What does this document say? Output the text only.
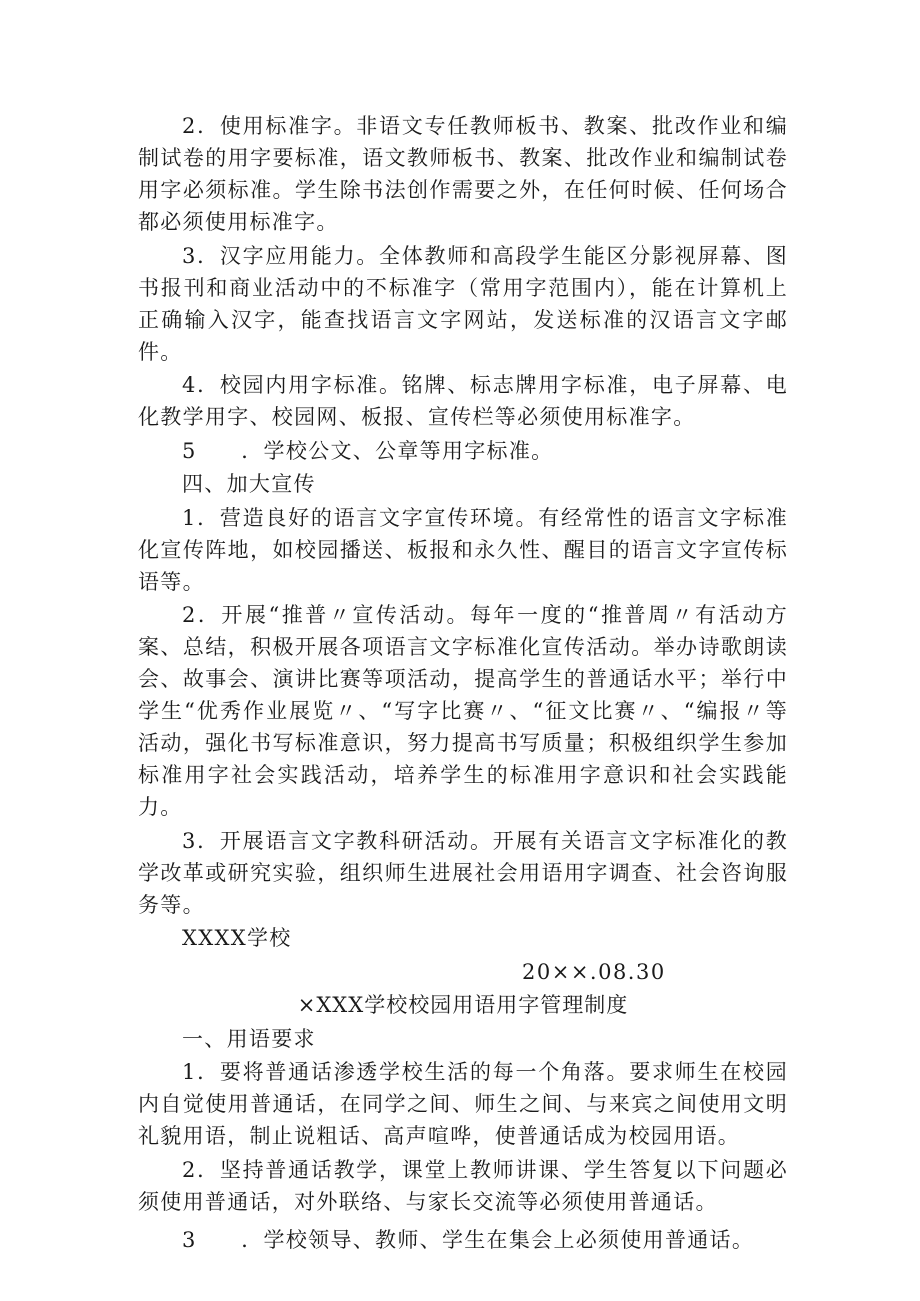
2．使用标准字。非语文专任教师板书、教案、批改作业和编制试卷的用字要标准，语文教师板书、教案、批改作业和编制试卷用字必须标准。学生除书法创作需要之外，在任何时候、任何场合都必须使用标准字。

3．汉字应用能力。全体教师和高段学生能区分影视屏幕、图书报刊和商业活动中的不标准字（常用字范围内），能在计算机上正确输入汉字，能查找语言文字网站，发送标准的汉语言文字邮件。

4．校园内用字标准。铭牌、标志牌用字标准，电子屏幕、电化教学用字、校园网、板报、宣传栏等必须使用标准字。

5　　．学校公文、公章等用字标准。

四、加大宣传

1．营造良好的语言文字宣传环境。有经常性的语言文字标准化宣传阵地，如校园播送、板报和永久性、醒目的语言文字宣传标语等。

2．开展“推普〃宣传活动。每年一度的“推普周〃有活动方案、总结，积极开展各项语言文字标准化宣传活动。举办诗歌朗读会、故事会、演讲比赛等项活动，提高学生的普通话水平；举行中学生“优秀作业展览〃、“写字比赛〃、“征文比赛〃、“编报〃等活动，强化书写标准意识，努力提高书写质量；积极组织学生参加标准用字社会实践活动，培养学生的标准用字意识和社会实践能力。

3．开展语言文字教科研活动。开展有关语言文字标准化的教学改革或研究实验，组织师生进展社会用语用字调查、社会咨询服务等。

XXXX学校

20××.08.30

×XXX学校校园用语用字管理制度

一、用语要求

1．要将普通话渗透学校生活的每一个角落。要求师生在校园内自觉使用普通话，在同学之间、师生之间、与来宾之间使用文明礼貌用语，制止说粗话、高声喧哗，使普通话成为校园用语。

2．坚持普通话教学，课堂上教师讲课、学生答复以下问题必须使用普通话，对外联络、与家长交流等必须使用普通话。

3　　．学校领导、教师、学生在集会上必须使用普通话。
